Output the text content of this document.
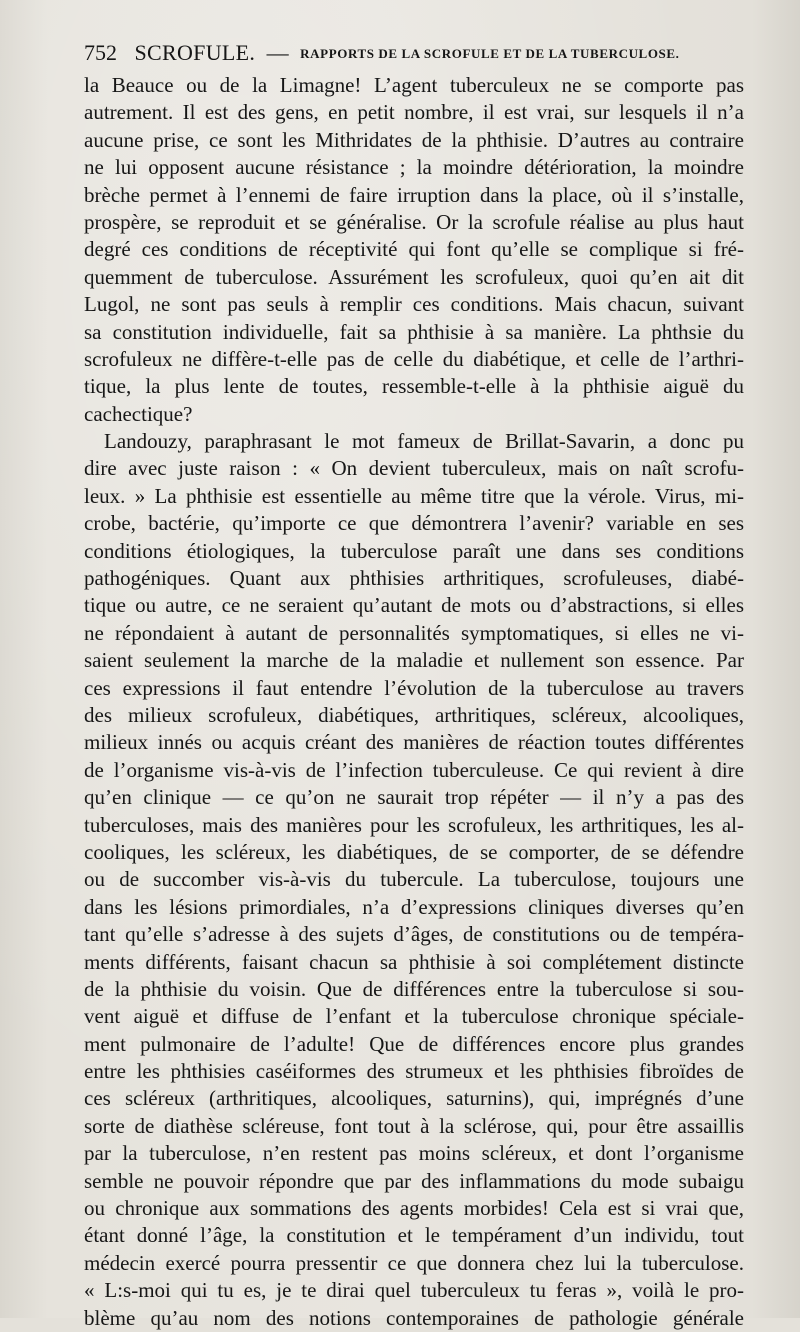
752 SCROFULE. — RAPPORTS DE LA SCROFULE ET DE LA TUBERCULOSE.
la Beauce ou de la Limagne! L’agent tuberculeux ne se comporte pas
autrement. Il est des gens, en petit nombre, il est vrai, sur lesquels il n’a
aucune prise, ce sont les Mithridates de la phthisie. D’autres au contraire
ne lui opposent aucune résistance ; la moindre détérioration, la moindre
brèche permet à l’ennemi de faire irruption dans la place, où il s’installe,
prospère, se reproduit et se généralise. Or la scrofule réalise au plus haut
degré ces conditions de réceptivité qui font qu’elle se complique si fré-
quemment de tuberculose. Assurément les scrofuleux, quoi qu’en ait dit
Lugol, ne sont pas seuls à remplir ces conditions. Mais chacun, suivant
sa constitution individuelle, fait sa phthisie à sa manière. La phthsie du
scrofuleux ne diffère-t-elle pas de celle du diabétique, et celle de l’arthri-
tique, la plus lente de toutes, ressemble-t-elle à la phthisie aiguë du
cachectique?
Landouzy, paraphrasant le mot fameux de Brillat-Savarin, a donc pu
dire avec juste raison : « On devient tuberculeux, mais on naît scrofu-
leux. » La phthisie est essentielle au même titre que la vérole. Virus, mi-
crobe, bactérie, qu’importe ce que démontrera l’avenir? variable en ses
conditions étiologiques, la tuberculose paraît une dans ses conditions
pathogéniques. Quant aux phthisies arthritiques, scrofuleuses, diabé-
tique ou autre, ce ne seraient qu’autant de mots ou d’abstractions, si elles
ne répondaient à autant de personnalités symptomatiques, si elles ne vi-
saient seulement la marche de la maladie et nullement son essence. Par
ces expressions il faut entendre l’évolution de la tuberculose au travers
des milieux scrofuleux, diabétiques, arthritiques, scléreux, alcooliques,
milieux innés ou acquis créant des manières de réaction toutes différentes
de l’organisme vis-à-vis de l’infection tuberculeuse. Ce qui revient à dire
qu’en clinique — ce qu’on ne saurait trop répéter — il n’y a pas des
tuberculoses, mais des manières pour les scrofuleux, les arthritiques, les al-
cooliques, les scléreux, les diabétiques, de se comporter, de se défendre
ou de succomber vis-à-vis du tubercule. La tuberculose, toujours une
dans les lésions primordiales, n’a d’expressions cliniques diverses qu’en
tant qu’elle s’adresse à des sujets d’âges, de constitutions ou de tempéra-
ments différents, faisant chacun sa phthisie à soi complétement distincte
de la phthisie du voisin. Que de différences entre la tuberculose si sou-
vent aiguë et diffuse de l’enfant et la tuberculose chronique spéciale-
ment pulmonaire de l’adulte! Que de différences encore plus grandes
entre les phthisies caséiformes des strumeux et les phthisies fibroïdes de
ces scléreux (arthritiques, alcooliques, saturnins), qui, imprégnés d’une
sorte de diathèse scléreuse, font tout à la sclérose, qui, pour être assaillis
par la tuberculose, n’en restent pas moins scléreux, et dont l’organisme
semble ne pouvoir répondre que par des inflammations du mode subaigu
ou chronique aux sommations des agents morbides! Cela est si vrai que,
étant donné l’âge, la constitution et le tempérament d’un individu, tout
médecin exercé pourra pressentir ce que donnera chez lui la tuberculose.
« L:s-moi qui tu es, je te dirai quel tuberculeux tu feras », voilà le pro-
blème qu’au nom des notions contemporaines de pathologie générale
